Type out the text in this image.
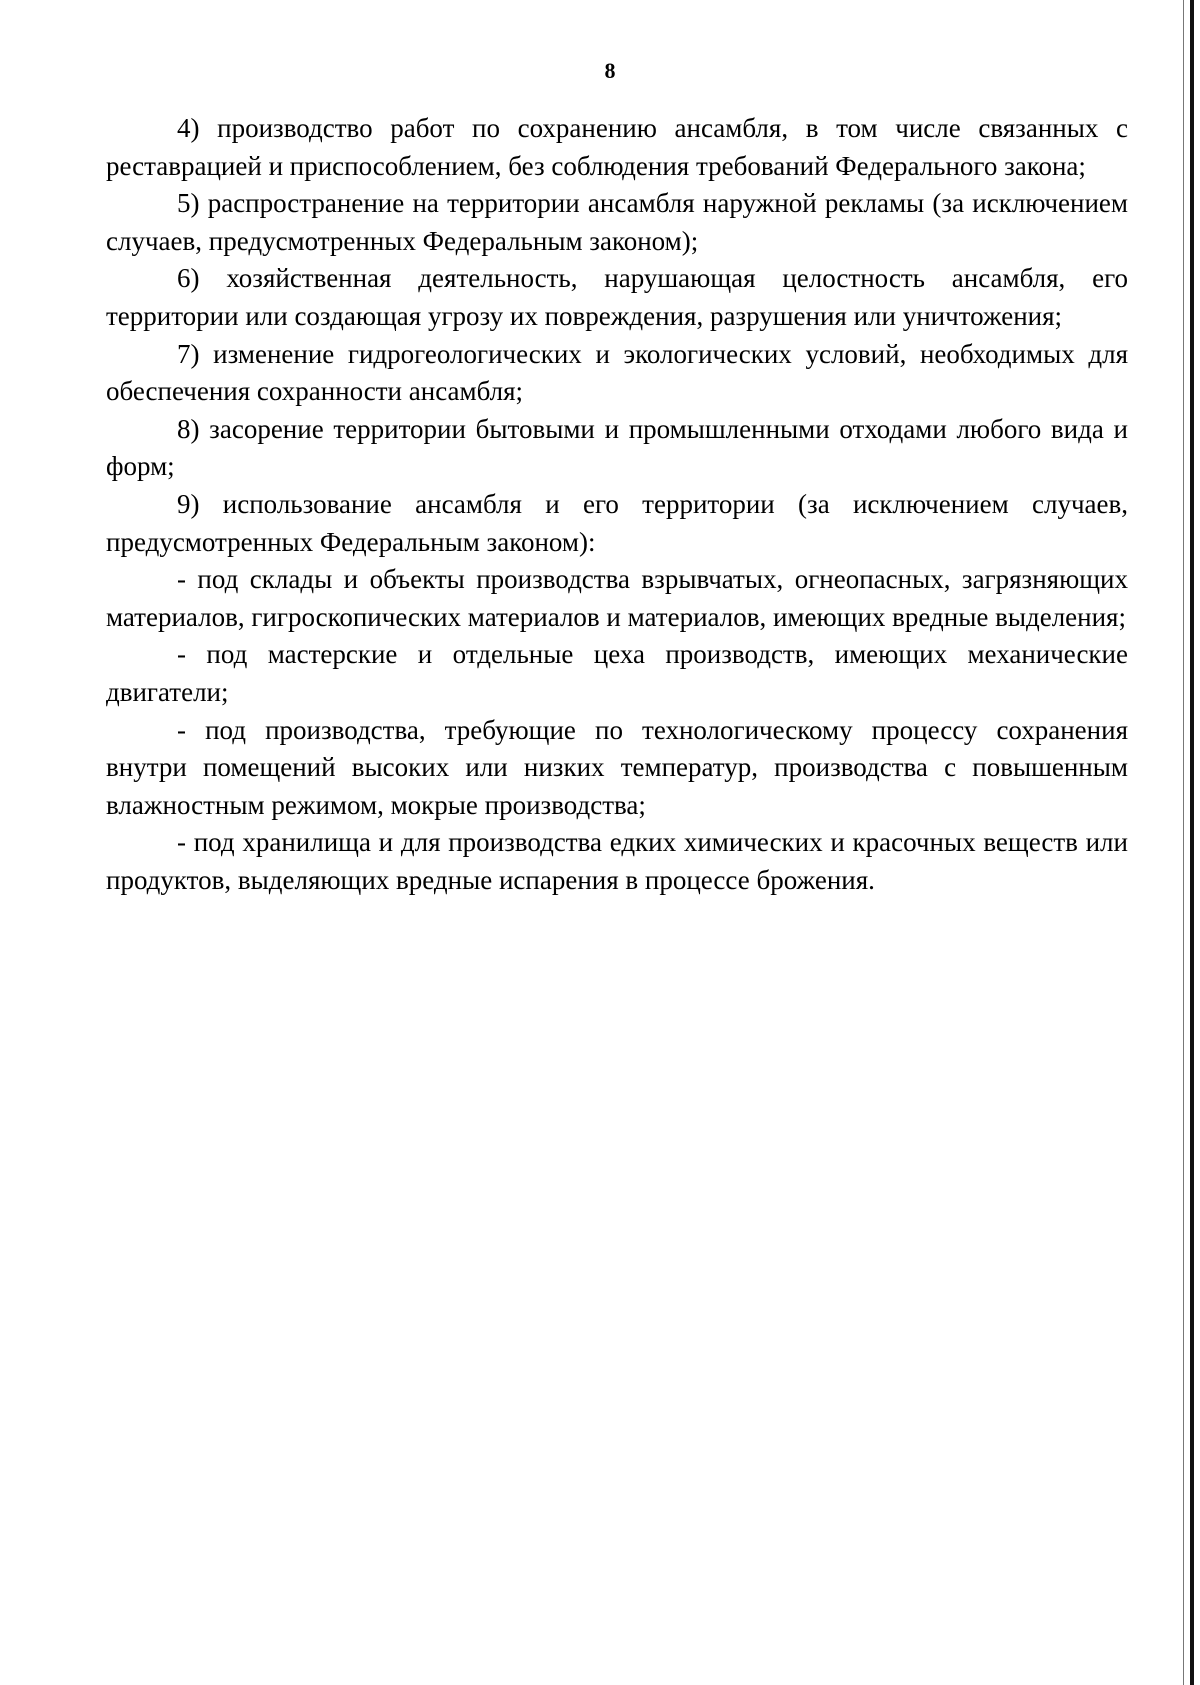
8

4) производство работ по сохранению ансамбля, в том числе связанных с реставрацией и приспособлением, без соблюдения требований Федерального закона;

5) распространение на территории ансамбля наружной рекламы (за исключением случаев, предусмотренных Федеральным законом);

6) хозяйственная деятельность, нарушающая целостность ансамбля, его территории или создающая угрозу их повреждения, разрушения или уничтожения;

7) изменение гидрогеологических и экологических условий, необходимых для обеспечения сохранности ансамбля;

8) засорение территории бытовыми и промышленными отходами любого вида и форм;

9) использование ансамбля и его территории (за исключением случаев, предусмотренных Федеральным законом):

- под склады и объекты производства взрывчатых, огнеопасных, загрязняющих материалов, гигроскопических материалов и материалов, имеющих вредные выделения;

- под мастерские и отдельные цеха производств, имеющих механические двигатели;

- под производства, требующие по технологическому процессу сохранения внутри помещений высоких или низких температур, производства с повышенным влажностным режимом, мокрые производства;

- под хранилища и для производства едких химических и красочных веществ или продуктов, выделяющих вредные испарения в процессе брожения.
